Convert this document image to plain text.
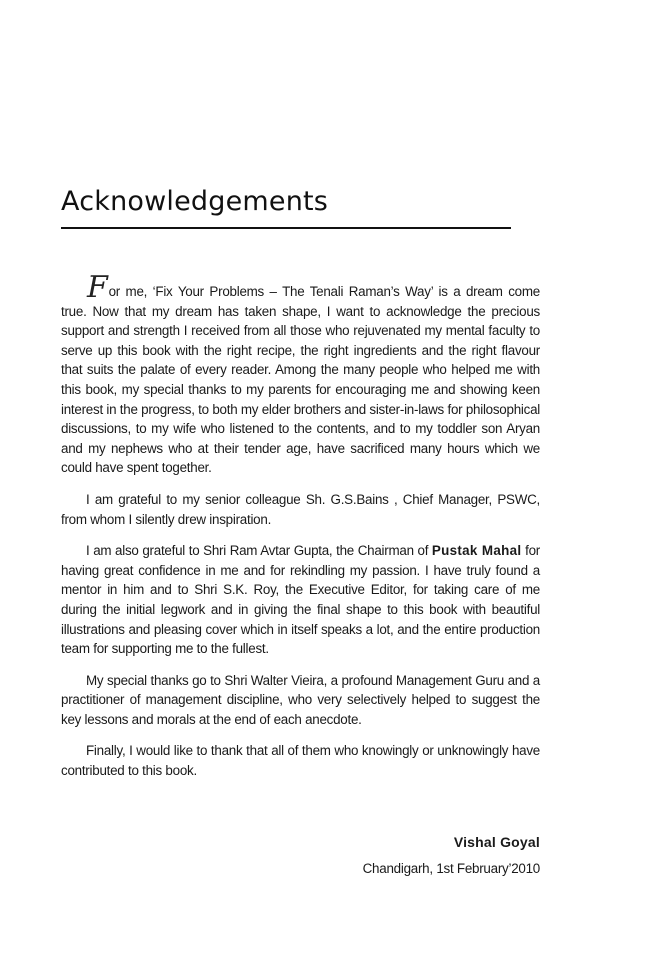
Acknowledgements

For me, ‘Fix Your Problems – The Tenali Raman’s Way’ is a dream come true. Now that my dream has taken shape, I want to acknowledge the precious support and strength I received from all those who rejuvenated my mental faculty to serve up this book with the right recipe, the right ingredients and the right flavour that suits the palate of every reader. Among the many people who helped me with this book, my special thanks to my parents for encouraging me and showing keen interest in the progress, to both my elder brothers and sister-in-laws for philosophical discussions, to my wife who listened to the contents, and to my toddler son Aryan and my nephews who at their tender age, have sacrificed many hours which we could have spent together.

I am grateful to my senior colleague Sh. G.S.Bains , Chief Manager, PSWC, from whom I silently drew inspiration.

I am also grateful to Shri Ram Avtar Gupta, the Chairman of Pustak Mahal for having great confidence in me and for rekindling my passion. I have truly found a mentor in him and to Shri S.K. Roy, the Executive Editor, for taking care of me during the initial legwork and in giving the final shape to this book with beautiful illustrations and pleasing cover which in itself speaks a lot, and the entire production team for supporting me to the fullest.

My special thanks go to Shri Walter Vieira, a profound Management Guru and a practitioner of management discipline, who very selectively helped to suggest the key lessons and morals at the end of each anecdote.

Finally, I would like to thank that all of them who knowingly or unknowingly have contributed to this book.

Vishal Goyal
Chandigarh, 1st February’2010
